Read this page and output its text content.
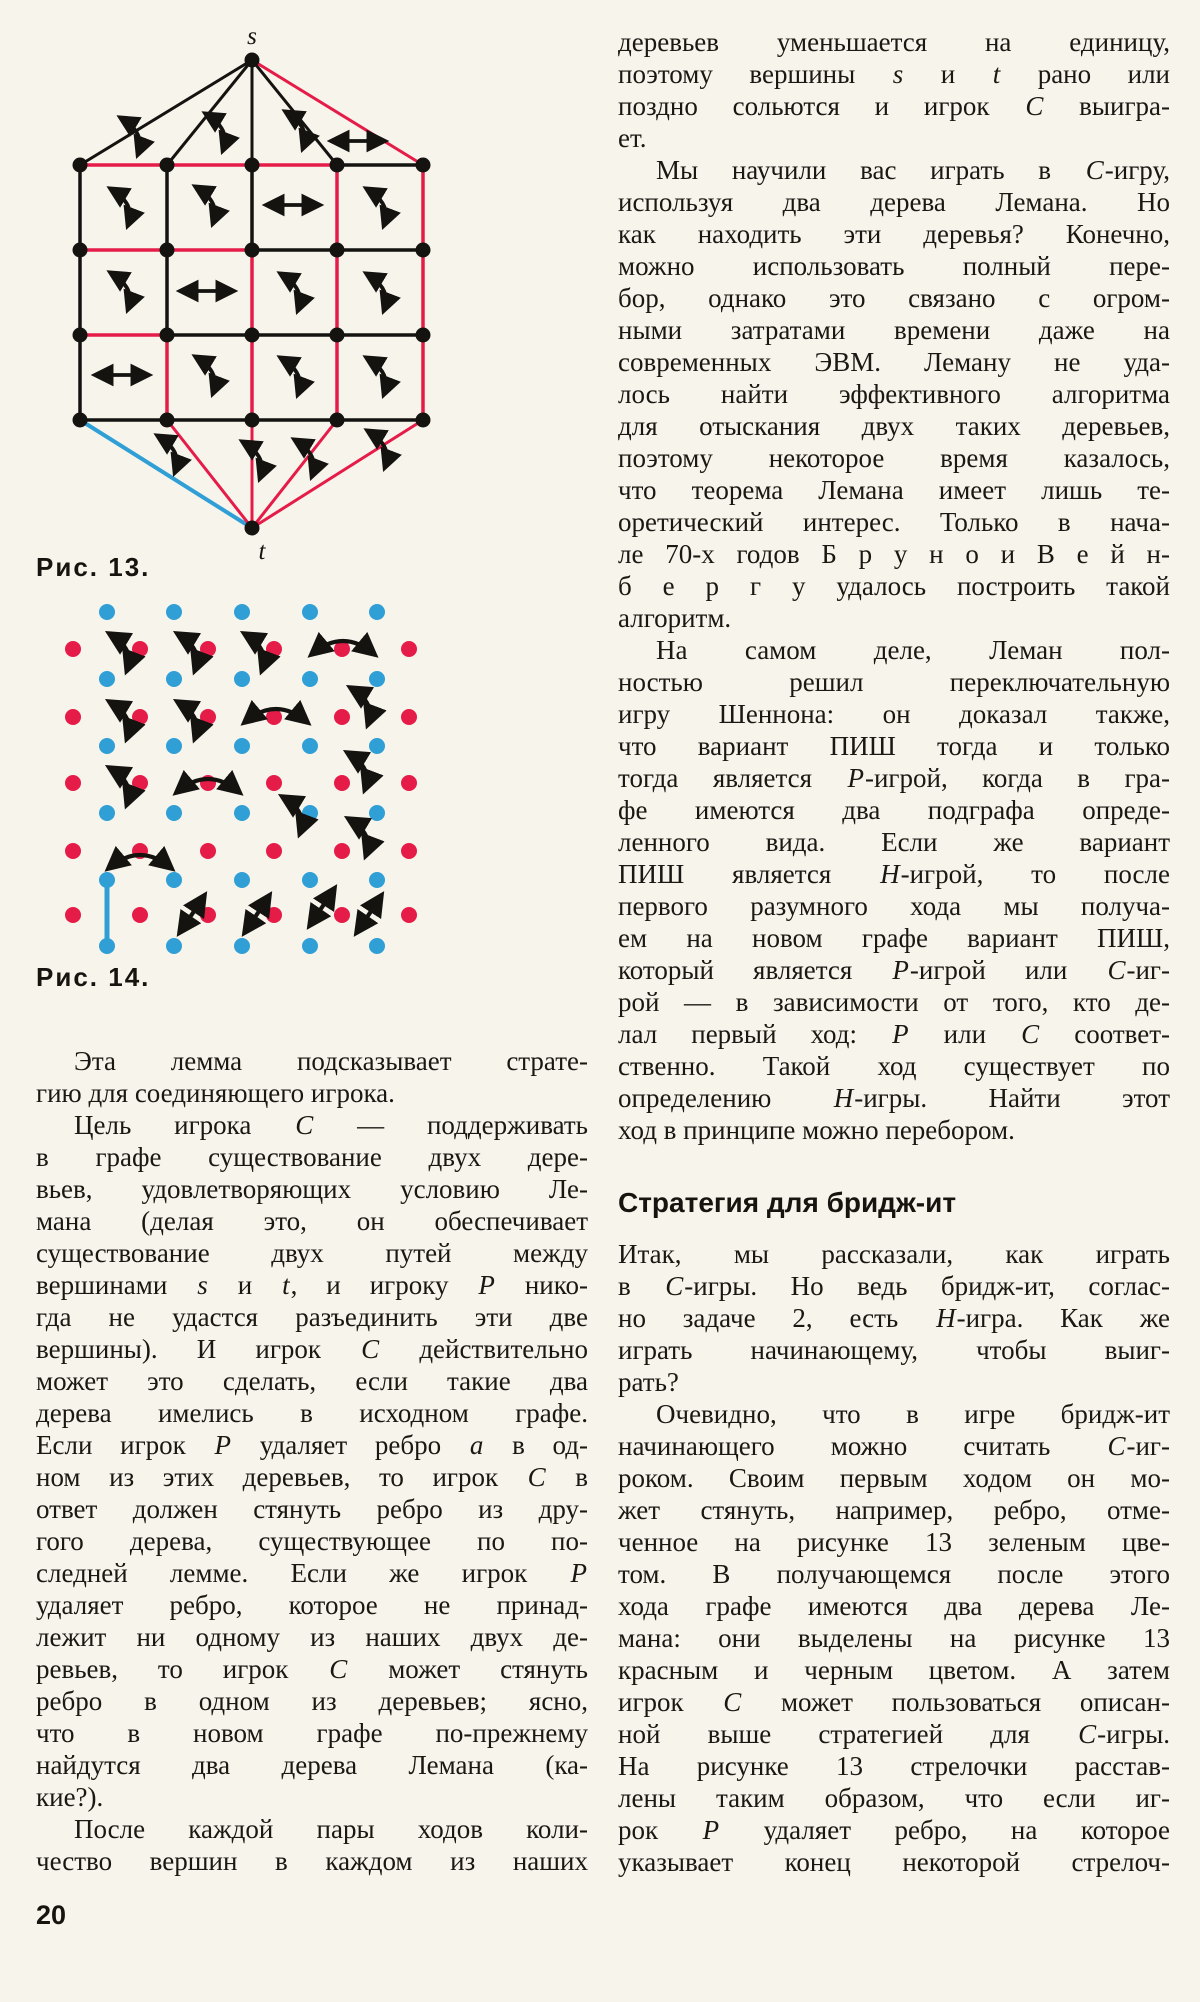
s
t
Рис. 13.
Рис. 14.
Эта лемма подсказывает страте-
гию для соединяющего игрока.
Цель игрока C — поддерживать
в графе существование двух дере-
вьев, удовлетворяющих условию Ле-
мана (делая это, он обеспечивает
существование двух путей между
вершинами s и t, и игроку P нико-
гда не удастся разъединить эти две
вершины). И игрок C действительно
может это сделать, если такие два
дерева имелись в исходном графе.
Если игрок P удаляет ребро a в од-
ном из этих деревьев, то игрок C в
ответ должен стянуть ребро из дру-
гого дерева, существующее по по-
следней лемме. Если же игрок P
удаляет ребро, которое не принад-
лежит ни одному из наших двух де-
ревьев, то игрок C может стянуть
ребро в одном из деревьев; ясно,
что в новом графе по-прежнему
найдутся два дерева Лемана (ка-
кие?).
После каждой пары ходов коли-
чество вершин в каждом из наших
деревьев уменьшается на единицу,
поэтому вершины s и t рано или
поздно сольются и игрок C выигра-
ет.
Мы научили вас играть в C-игру,
используя два дерева Лемана. Но
как находить эти деревья? Конечно,
можно использовать полный пере-
бор, однако это связано с огром-
ными затратами времени даже на
современных ЭВМ. Леману не уда-
лось найти эффективного алгоритма
для отыскания двух таких деревьев,
поэтому некоторое время казалось,
что теорема Лемана имеет лишь те-
оретический интерес. Только в нача-
ле 70-х годов Б р у н о и В е й н-
б е р г у удалось построить такой
алгоритм.
На самом деле, Леман пол-
ностью решил переключательную
игру Шеннона: он доказал также,
что вариант ПИШ тогда и только
тогда является P-игрой, когда в гра-
фе имеются два подграфа опреде-
ленного вида. Если же вариант
ПИШ является H-игрой, то после
первого разумного хода мы получа-
ем на новом графе вариант ПИШ,
который является P-игрой или C-иг-
рой — в зависимости от того, кто де-
лал первый ход: P или C соответ-
ственно. Такой ход существует по
определению H-игры. Найти этот
ход в принципе можно перебором.
Стратегия для бридж-ит
Итак, мы рассказали, как играть
в C-игры. Но ведь бридж-ит, соглас-
но задаче 2, есть H-игра. Как же
играть начинающему, чтобы выиг-
рать?
Очевидно, что в игре бридж-ит
начинающего можно считать C-иг-
роком. Своим первым ходом он мо-
жет стянуть, например, ребро, отме-
ченное на рисунке 13 зеленым цве-
том. В получающемся после этого
хода графе имеются два дерева Ле-
мана: они выделены на рисунке 13
красным и черным цветом. А затем
игрок C может пользоваться описан-
ной выше стратегией для C-игры.
На рисунке 13 стрелочки расстав-
лены таким образом, что если иг-
рок P удаляет ребро, на которое
указывает конец некоторой стрелоч-
20
